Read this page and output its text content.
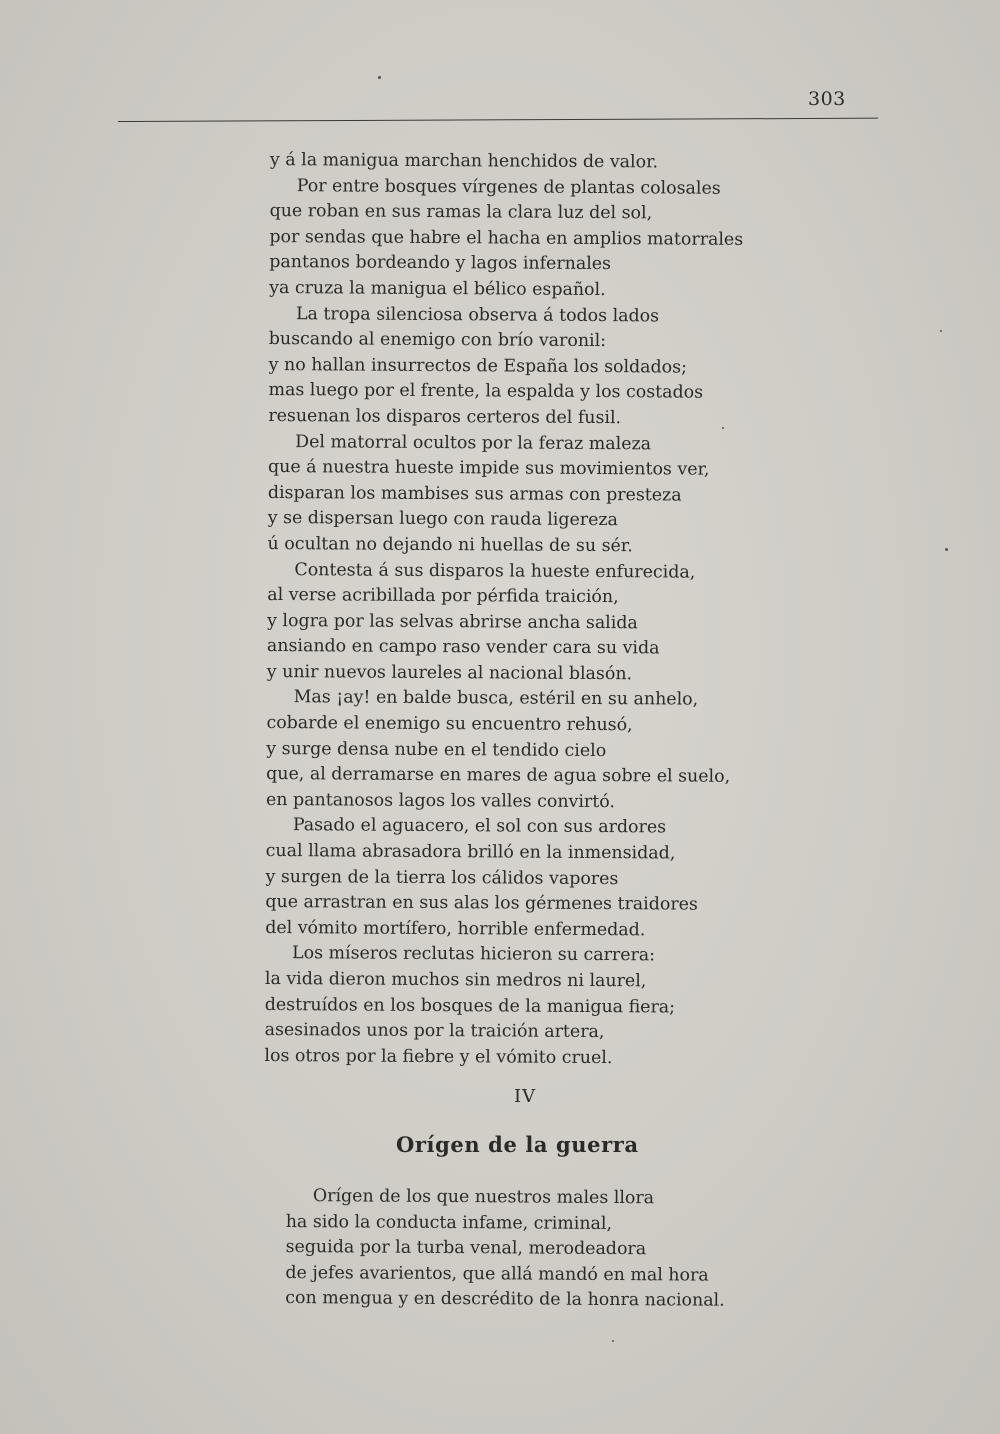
303
y á la manigua marchan henchidos de valor.
Por entre bosques vírgenes de plantas colosales
que roban en sus ramas la clara luz del sol,
por sendas que habre el hacha en amplios matorrales
pantanos bordeando y lagos infernales
ya cruza la manigua el bélico español.
La tropa silenciosa observa á todos lados
buscando al enemigo con brío varonil:
y no hallan insurrectos de España los soldados;
mas luego por el frente, la espalda y los costados
resuenan los disparos certeros del fusil.
Del matorral ocultos por la feraz maleza
que á nuestra hueste impide sus movimientos ver,
disparan los mambises sus armas con presteza
y se dispersan luego con rauda ligereza
ú ocultan no dejando ni huellas de su sér.
Contesta á sus disparos la hueste enfurecida,
al verse acribillada por pérfida traición,
y logra por las selvas abrirse ancha salida
ansiando en campo raso vender cara su vida
y unir nuevos laureles al nacional blasón.
Mas ¡ay! en balde busca, estéril en su anhelo,
cobarde el enemigo su encuentro rehusó,
y surge densa nube en el tendido cielo
que, al derramarse en mares de agua sobre el suelo,
en pantanosos lagos los valles convirtó.
Pasado el aguacero, el sol con sus ardores
cual llama abrasadora brilló en la inmensidad,
y surgen de la tierra los cálidos vapores
que arrastran en sus alas los gérmenes traidores
del vómito mortífero, horrible enfermedad.
Los míseros reclutas hicieron su carrera:
la vida dieron muchos sin medros ni laurel,
destruídos en los bosques de la manigua fiera;
asesinados unos por la traición artera,
los otros por la fiebre y el vómito cruel.
IV
Orígen de la guerra
Orígen de los que nuestros males llora
ha sido la conducta infame, criminal,
seguida por la turba venal, merodeadora
de jefes avarientos, que allá mandó en mal hora
con mengua y en descrédito de la honra nacional.
